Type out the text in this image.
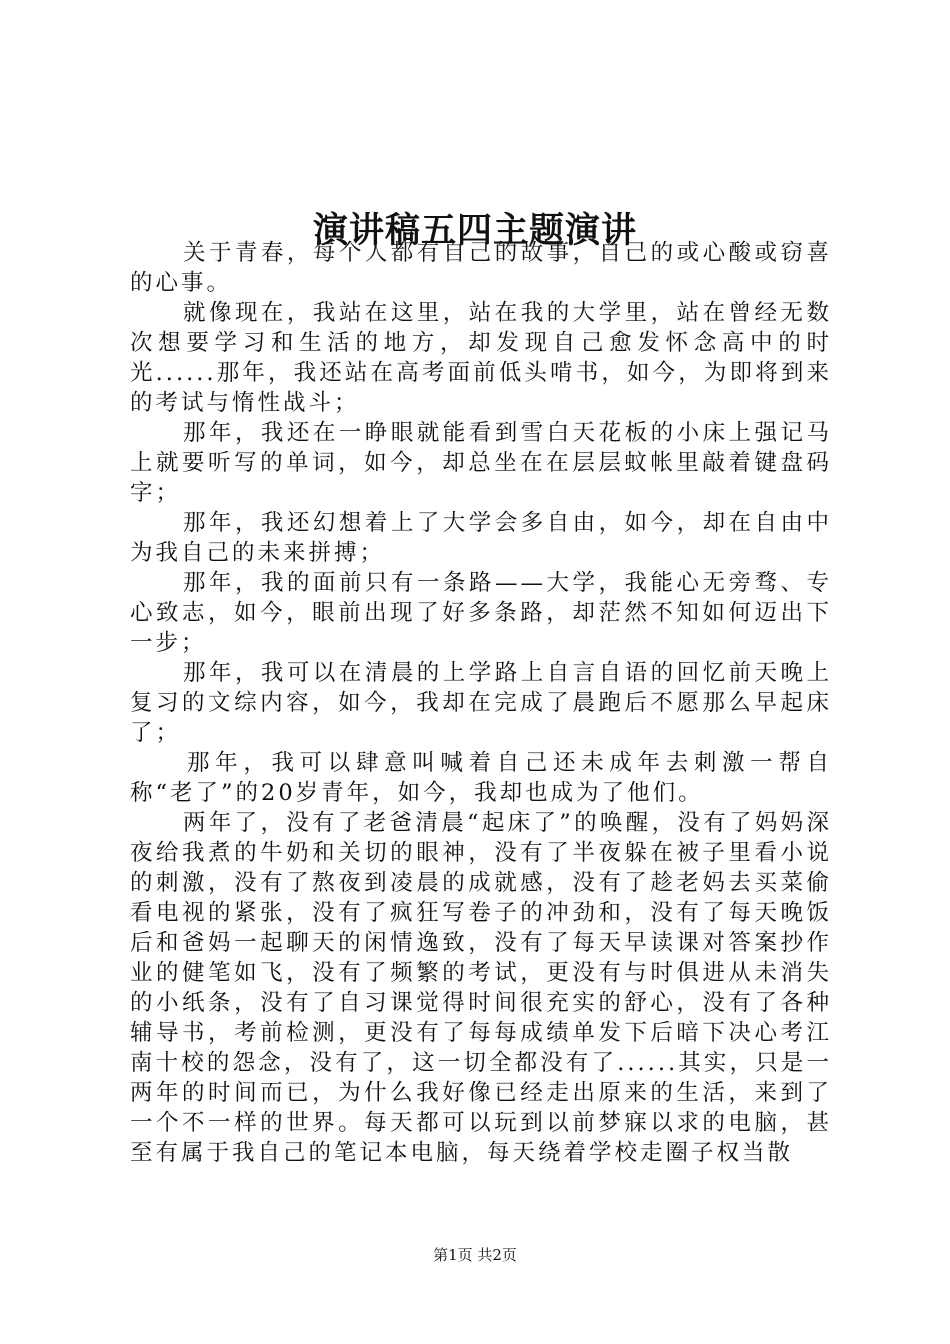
演讲稿五四主题演讲

关于青春，每个人都有自己的故事，自己的或心酸或窃喜的心事。

就像现在，我站在这里，站在我的大学里，站在曾经无数次想要学习和生活的地方，却发现自己愈发怀念高中的时光......那年，我还站在高考面前低头啃书，如今，为即将到来的考试与惰性战斗；

那年，我还在一睁眼就能看到雪白天花板的小床上强记马上就要听写的单词，如今，却总坐在在层层蚊帐里敲着键盘码字；

那年，我还幻想着上了大学会多自由，如今，却在自由中为我自己的未来拼搏；

那年，我的面前只有一条路——大学，我能心无旁骛、专心致志，如今，眼前出现了好多条路，却茫然不知如何迈出下一步；

那年，我可以在清晨的上学路上自言自语的回忆前天晚上复习的文综内容，如今，我却在完成了晨跑后不愿那么早起床了；

那年，我可以肆意叫喊着自己还未成年去刺激一帮自称“老了”的20岁青年，如今，我却也成为了他们。

两年了，没有了老爸清晨“起床了”的唤醒，没有了妈妈深夜给我煮的牛奶和关切的眼神，没有了半夜躲在被子里看小说的刺激，没有了熬夜到凌晨的成就感，没有了趁老妈去买菜偷看电视的紧张，没有了疯狂写卷子的冲劲和，没有了每天晚饭后和爸妈一起聊天的闲情逸致，没有了每天早读课对答案抄作业的健笔如飞，没有了频繁的考试，更没有与时俱进从未消失的小纸条，没有了自习课觉得时间很充实的舒心，没有了各种辅导书，考前检测，更没有了每每成绩单发下后暗下决心考江南十校的怨念，没有了，这一切全都没有了......其实，只是一两年的时间而已，为什么我好像已经走出原来的生活，来到了一个不一样的世界。每天都可以玩到以前梦寐以求的电脑，甚至有属于我自己的笔记本电脑，每天绕着学校走圈子权当散

第1页 共2页
